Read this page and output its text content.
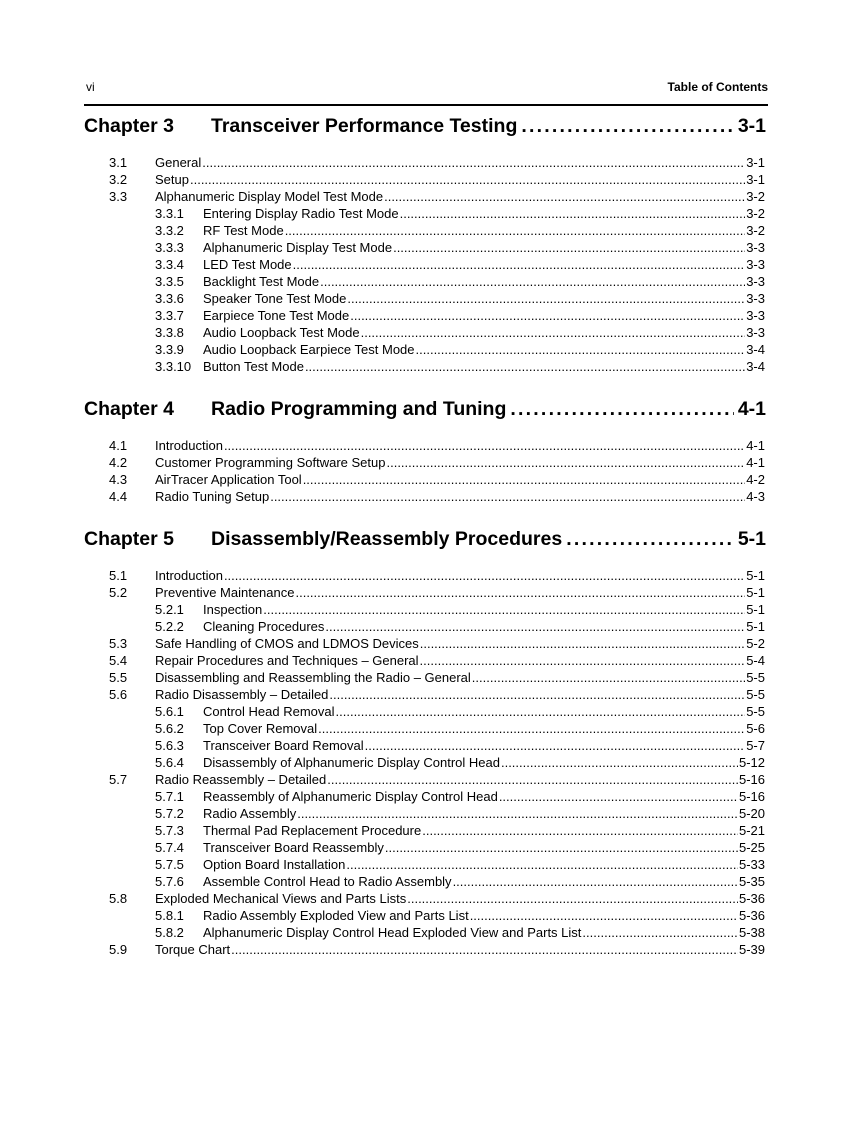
vi	Table of Contents
Chapter 3	Transceiver Performance Testing . . .	3-1
3.1	General .....	3-1
3.2	Setup .....	3-1
3.3	Alphanumeric Display Model Test Mode .....	3-2
3.3.1	Entering Display Radio Test Mode .....	3-2
3.3.2	RF Test Mode .....	3-2
3.3.3	Alphanumeric Display Test Mode .....	3-3
3.3.4	LED Test Mode .....	3-3
3.3.5	Backlight Test Mode .....	3-3
3.3.6	Speaker Tone Test Mode .....	3-3
3.3.7	Earpiece Tone Test Mode .....	3-3
3.3.8	Audio Loopback Test Mode .....	3-3
3.3.9	Audio Loopback Earpiece Test Mode .....	3-4
3.3.10 Button Test Mode .....	3-4
Chapter 4	Radio Programming and Tuning . . .	4-1
4.1	Introduction .....	4-1
4.2	Customer Programming Software Setup .....	4-1
4.3	AirTracer Application Tool .....	4-2
4.4	Radio Tuning Setup .....	4-3
Chapter 5	Disassembly/Reassembly Procedures . . .	5-1
5.1	Introduction .....	5-1
5.2	Preventive Maintenance .....	5-1
5.2.1	Inspection .....	5-1
5.2.2	Cleaning Procedures .....	5-1
5.3	Safe Handling of CMOS and LDMOS Devices .....	5-2
5.4	Repair Procedures and Techniques – General .....	5-4
5.5	Disassembling and Reassembling the Radio – General .....	5-5
5.6	Radio Disassembly – Detailed .....	5-5
5.6.1	Control Head Removal .....	5-5
5.6.2	Top Cover Removal .....	5-6
5.6.3	Transceiver Board Removal .....	5-7
5.6.4	Disassembly of Alphanumeric Display Control Head .....	5-12
5.7	Radio Reassembly – Detailed .....	5-16
5.7.1	Reassembly of Alphanumeric Display Control Head .....	5-16
5.7.2	Radio Assembly .....	5-20
5.7.3	Thermal Pad Replacement Procedure .....	5-21
5.7.4	Transceiver Board Reassembly .....	5-25
5.7.5	Option Board Installation .....	5-33
5.7.6	Assemble Control Head to Radio Assembly .....	5-35
5.8	Exploded Mechanical Views and Parts Lists .....	5-36
5.8.1	Radio Assembly Exploded View and Parts List .....	5-36
5.8.2	Alphanumeric Display Control Head Exploded View and Parts List .....	5-38
5.9	Torque Chart .....	5-39
